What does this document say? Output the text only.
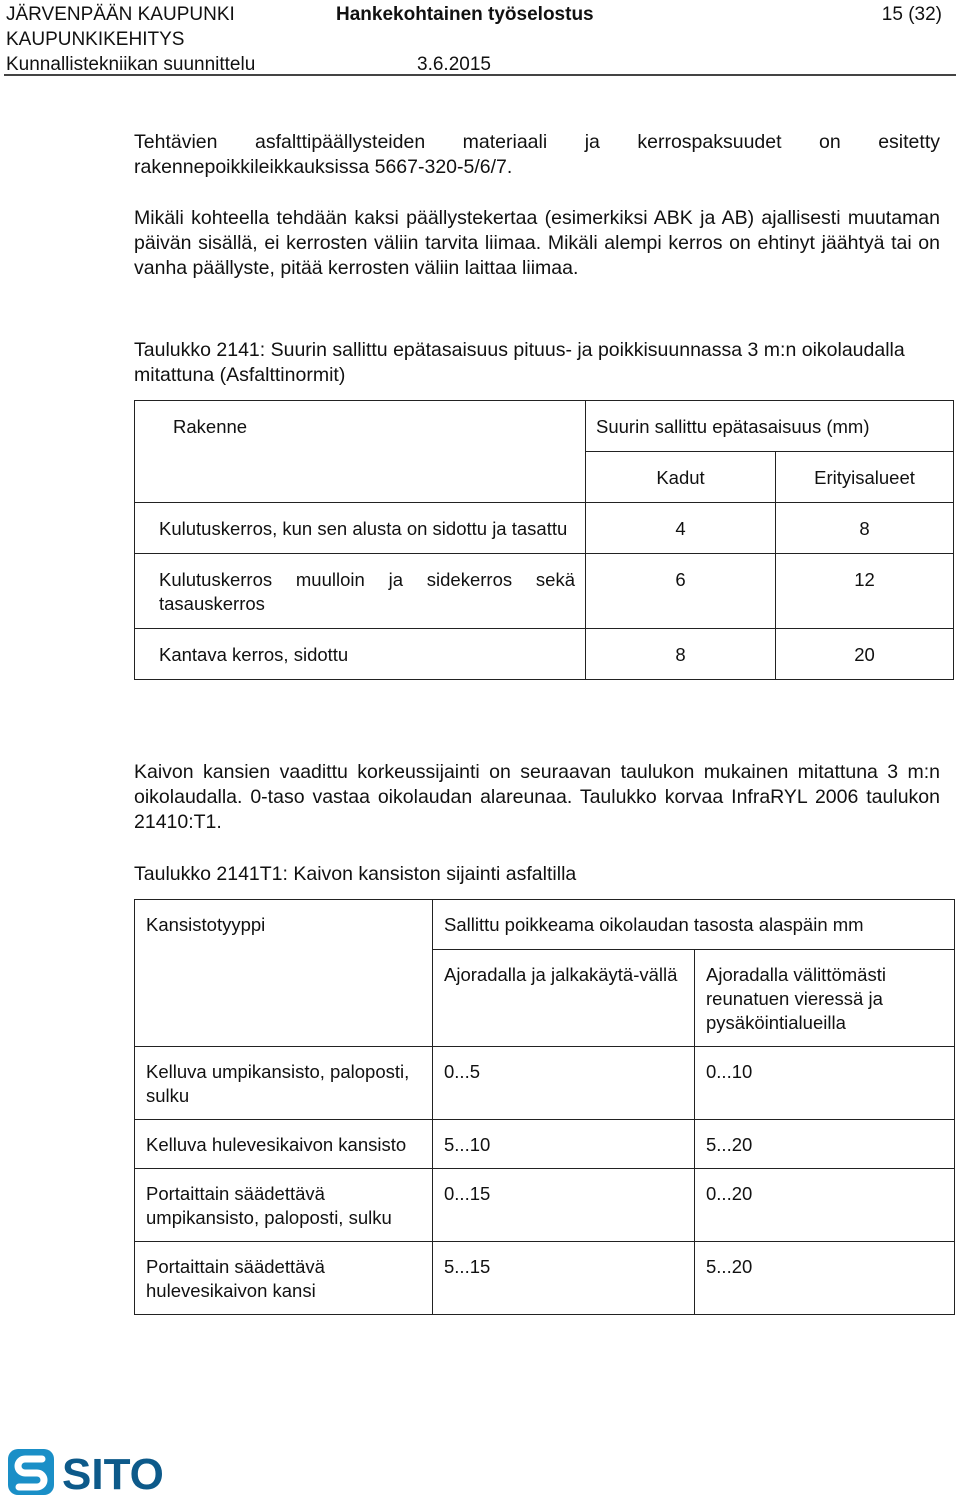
JÄRVENPÄÄN KAUPUNKI	Hankekohtainen työselostus	15 (32)
KAUPUNKIKEHITYS
Kunnallistekniikan suunnittelu	3.6.2015
Tehtävien asfalttipäällysteiden materiaali ja kerrospaksuudet on esitetty rakennepoikkileikkauksissa 5667-320-5/6/7.
Mikäli kohteella tehdään kaksi päällystekertaa (esimerkiksi ABK ja AB) ajallisesti muutaman päivän sisällä, ei kerrosten väliin tarvita liimaa. Mikäli alempi kerros on ehtinyt jäähtyä tai on vanha päällyste, pitää kerrosten väliin laittaa liimaa.
Taulukko 2141: Suurin sallittu epätasaisuus pituus- ja poikkisuunnassa 3 m:n oikolaudalla mitattuna (Asfalttinormit)
Rakenne	Suurin sallittu epätasaisuus (mm)	
	Kadut	Erityisalueet
Kulutuskerros, kun sen alusta on sidottu ja tasattu	4	8
Kulutuskerros muulloin ja sidekerros sekä tasauskerros	6	12
Kantava kerros, sidottu	8	20
Kaivon kansien vaadittu korkeussijainti on seuraavan taulukon mukainen mitattuna 3 m:n oikolaudalla. 0-taso vastaa oikolaudan alareunaa. Taulukko korvaa InfraRYL 2006 taulukon 21410:T1.
Taulukko 2141T1: Kaivon kansiston sijainti asfaltilla
Kansistotyyppi	Sallittu poikkeama oikolaudan tasosta alaspäin mm	
	Ajoradalla ja jalkakäytä-vällä	Ajoradalla välittömästi reunatuen vieressä ja pysäköintialueilla
Kelluva umpikansisto, paloposti, sulku	0...5	0...10
Kelluva hulevesikaivon kansisto	5...10	5...20
Portaittain säädettävä umpikansisto, paloposti, sulku	0...15	0...20
Portaittain säädettävä hulevesikaivon kansi	5...15	5...20
SITO
